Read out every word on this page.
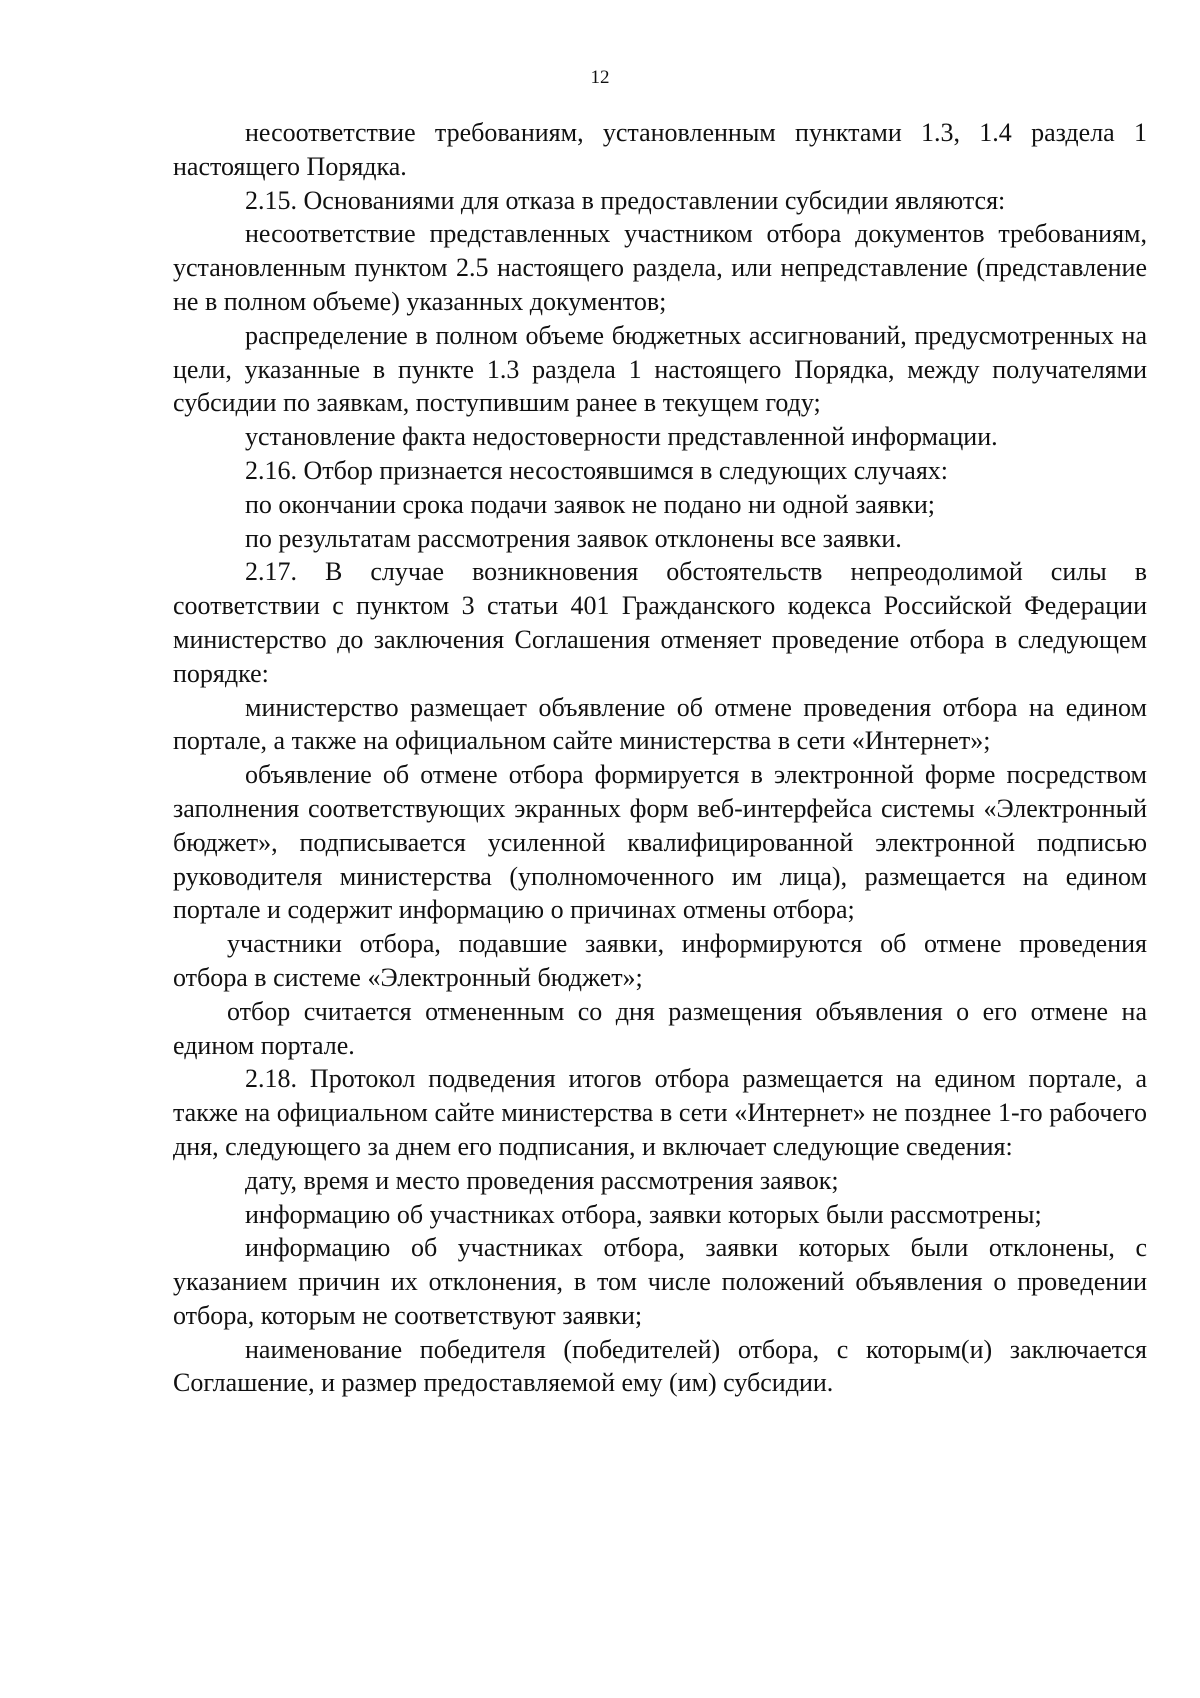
12

несоответствие требованиям, установленным пунктами 1.3, 1.4 раздела 1 настоящего Порядка.

2.15. Основаниями для отказа в предоставлении субсидии являются:

несоответствие представленных участником отбора документов требованиям, установленным пунктом 2.5 настоящего раздела, или непредставление (представление не в полном объеме) указанных документов;

распределение в полном объеме бюджетных ассигнований, предусмотренных на цели, указанные в пункте 1.3 раздела 1 настоящего Порядка, между получателями субсидии по заявкам, поступившим ранее в текущем году;

установление факта недостоверности представленной информации.

2.16. Отбор признается несостоявшимся в следующих случаях:

по окончании срока подачи заявок не подано ни одной заявки;

по результатам рассмотрения заявок отклонены все заявки.

2.17. В случае возникновения обстоятельств непреодолимой силы в соответствии с пунктом 3 статьи 401 Гражданского кодекса Российской Федерации министерство до заключения Соглашения отменяет проведение отбора в следующем порядке:

министерство размещает объявление об отмене проведения отбора на едином портале, а также на официальном сайте министерства в сети «Интернет»;

объявление об отмене отбора формируется в электронной форме посредством заполнения соответствующих экранных форм веб-интерфейса системы «Электронный бюджет», подписывается усиленной квалифицированной электронной подписью руководителя министерства (уполномоченного им лица), размещается на едином портале и содержит информацию о причинах отмены отбора;

участники отбора, подавшие заявки, информируются об отмене проведения отбора в системе «Электронный бюджет»;

отбор считается отмененным со дня размещения объявления о его отмене на едином портале.

2.18. Протокол подведения итогов отбора размещается на едином портале, а также на официальном сайте министерства в сети «Интернет» не позднее 1-го рабочего дня, следующего за днем его подписания, и включает следующие сведения:

дату, время и место проведения рассмотрения заявок;

информацию об участниках отбора, заявки которых были рассмотрены;

информацию об участниках отбора, заявки которых были отклонены, с указанием причин их отклонения, в том числе положений объявления о проведении отбора, которым не соответствуют заявки;

наименование победителя (победителей) отбора, с которым(и) заключается Соглашение, и размер предоставляемой ему (им) субсидии.
